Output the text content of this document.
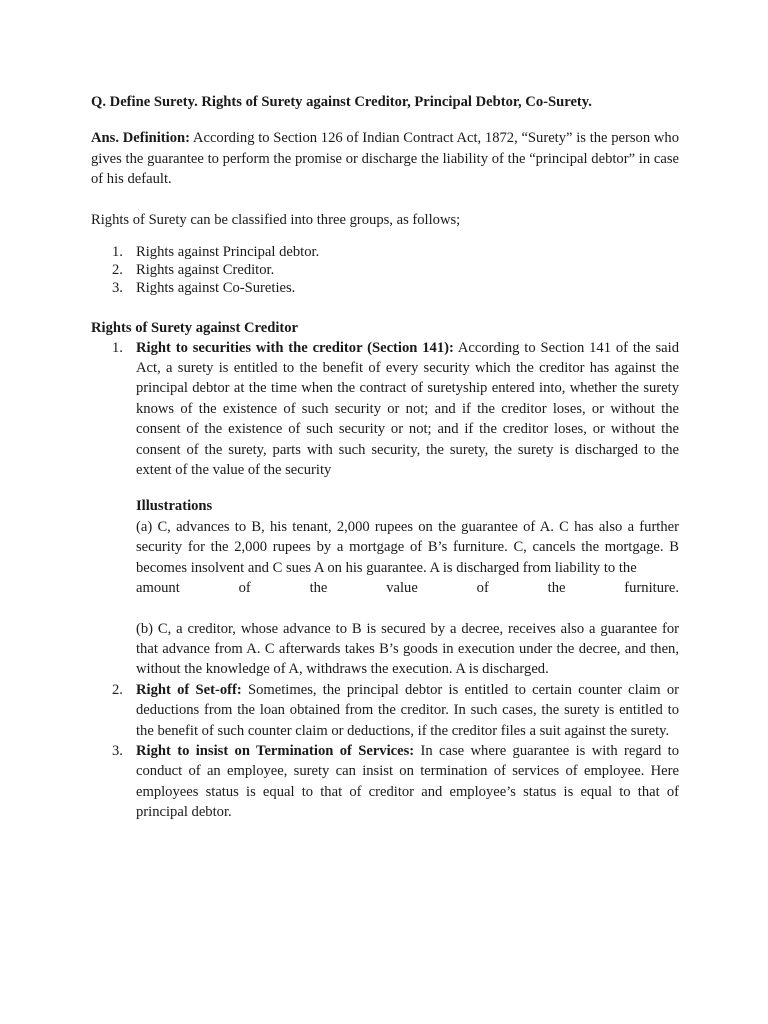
Q. Define Surety. Rights of Surety against Creditor, Principal Debtor, Co-Surety.

Ans. Definition: According to Section 126 of Indian Contract Act, 1872, “Surety” is the person who gives the guarantee to perform the promise or discharge the liability of the “principal debtor” in case of his default.

Rights of Surety can be classified into three groups, as follows;

1. Rights against Principal debtor.
2. Rights against Creditor.
3. Rights against Co-Sureties.

Rights of Surety against Creditor

1. Right to securities with the creditor (Section 141): According to Section 141 of the said Act, a surety is entitled to the benefit of every security which the creditor has against the principal debtor at the time when the contract of suretyship entered into, whether the surety knows of the existence of such security or not; and if the creditor loses, or without the consent of the existence of such security or not; and if the creditor loses, or without the consent of the surety, parts with such security, the surety, the surety is discharged to the extent of the value of the security

Illustrations

(a) C, advances to B, his tenant, 2,000 rupees on the guarantee of A. C has also a further security for the 2,000 rupees by a mortgage of B’s furniture. C, cancels the mortgage. B becomes insolvent and C sues A on his guarantee. A is discharged from liability to the

amount of the value of the furniture.

(b) C, a creditor, whose advance to B is secured by a decree, receives also a guarantee for that advance from A. C afterwards takes B’s goods in execution under the decree, and then, without the knowledge of A, withdraws the execution. A is discharged.

2. Right of Set-off: Sometimes, the principal debtor is entitled to certain counter claim or deductions from the loan obtained from the creditor. In such cases, the surety is entitled to the benefit of such counter claim or deductions, if the creditor files a suit against the surety.

3. Right to insist on Termination of Services: In case where guarantee is with regard to conduct of an employee, surety can insist on termination of services of employee. Here employees status is equal to that of creditor and employee’s status is equal to that of principal debtor.
